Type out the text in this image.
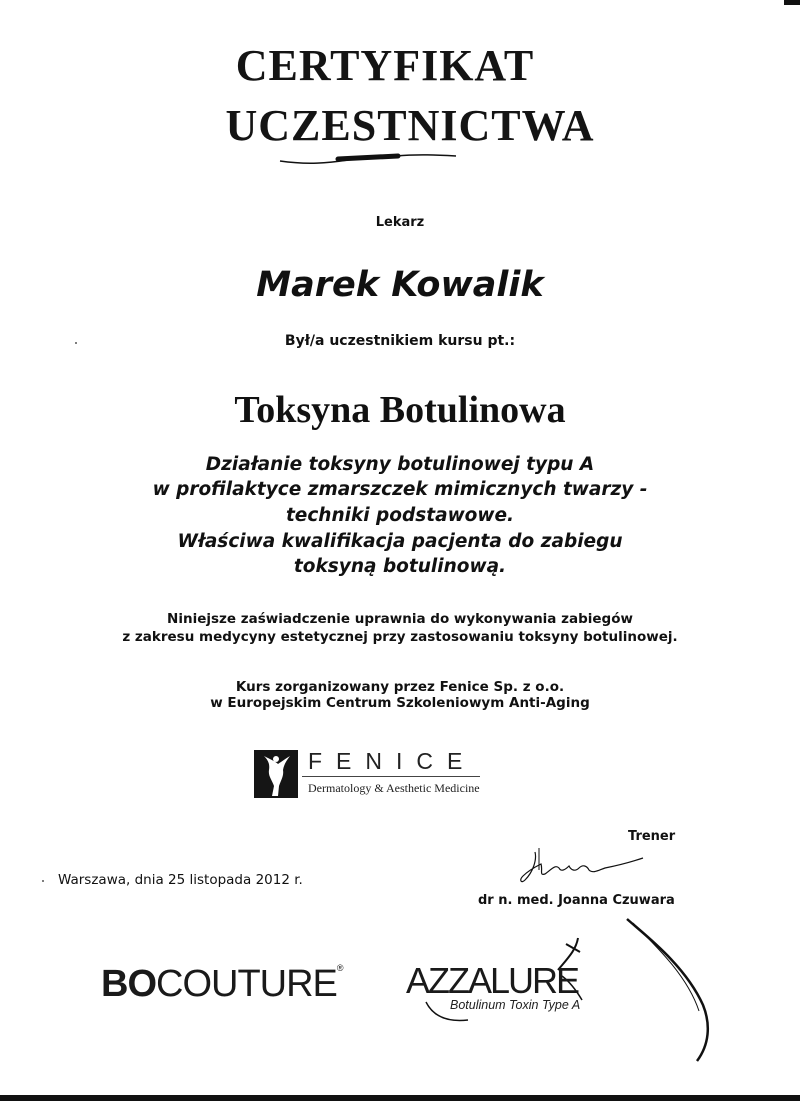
CERTYFIKAT
UCZESTNICTWA
Lekarz
Marek Kowalik
Był/a uczestnikiem kursu pt.:
Toksyna Botulinowa
Działanie toksyny botulinowej typu A
w profilaktyce zmarszczek mimicznych twarzy -
techniki podstawowe.
Właściwa kwalifikacja pacjenta do zabiegu
toksyną botulinową.
Niniejsze zaświadczenie uprawnia do wykonywania zabiegów
z zakresu medycyny estetycznej przy zastosowaniu toksyny botulinowej.
Kurs zorganizowany przez Fenice Sp. z o.o.
w Europejskim Centrum Szkoleniowym Anti-Aging
FENICE
Dermatology & Aesthetic Medicine
Warszawa, dnia 25 listopada 2012 r.
Trener
dr n. med. Joanna Czuwara
BOCOUTURE® AZZALURE
Botulinum Toxin Type A
